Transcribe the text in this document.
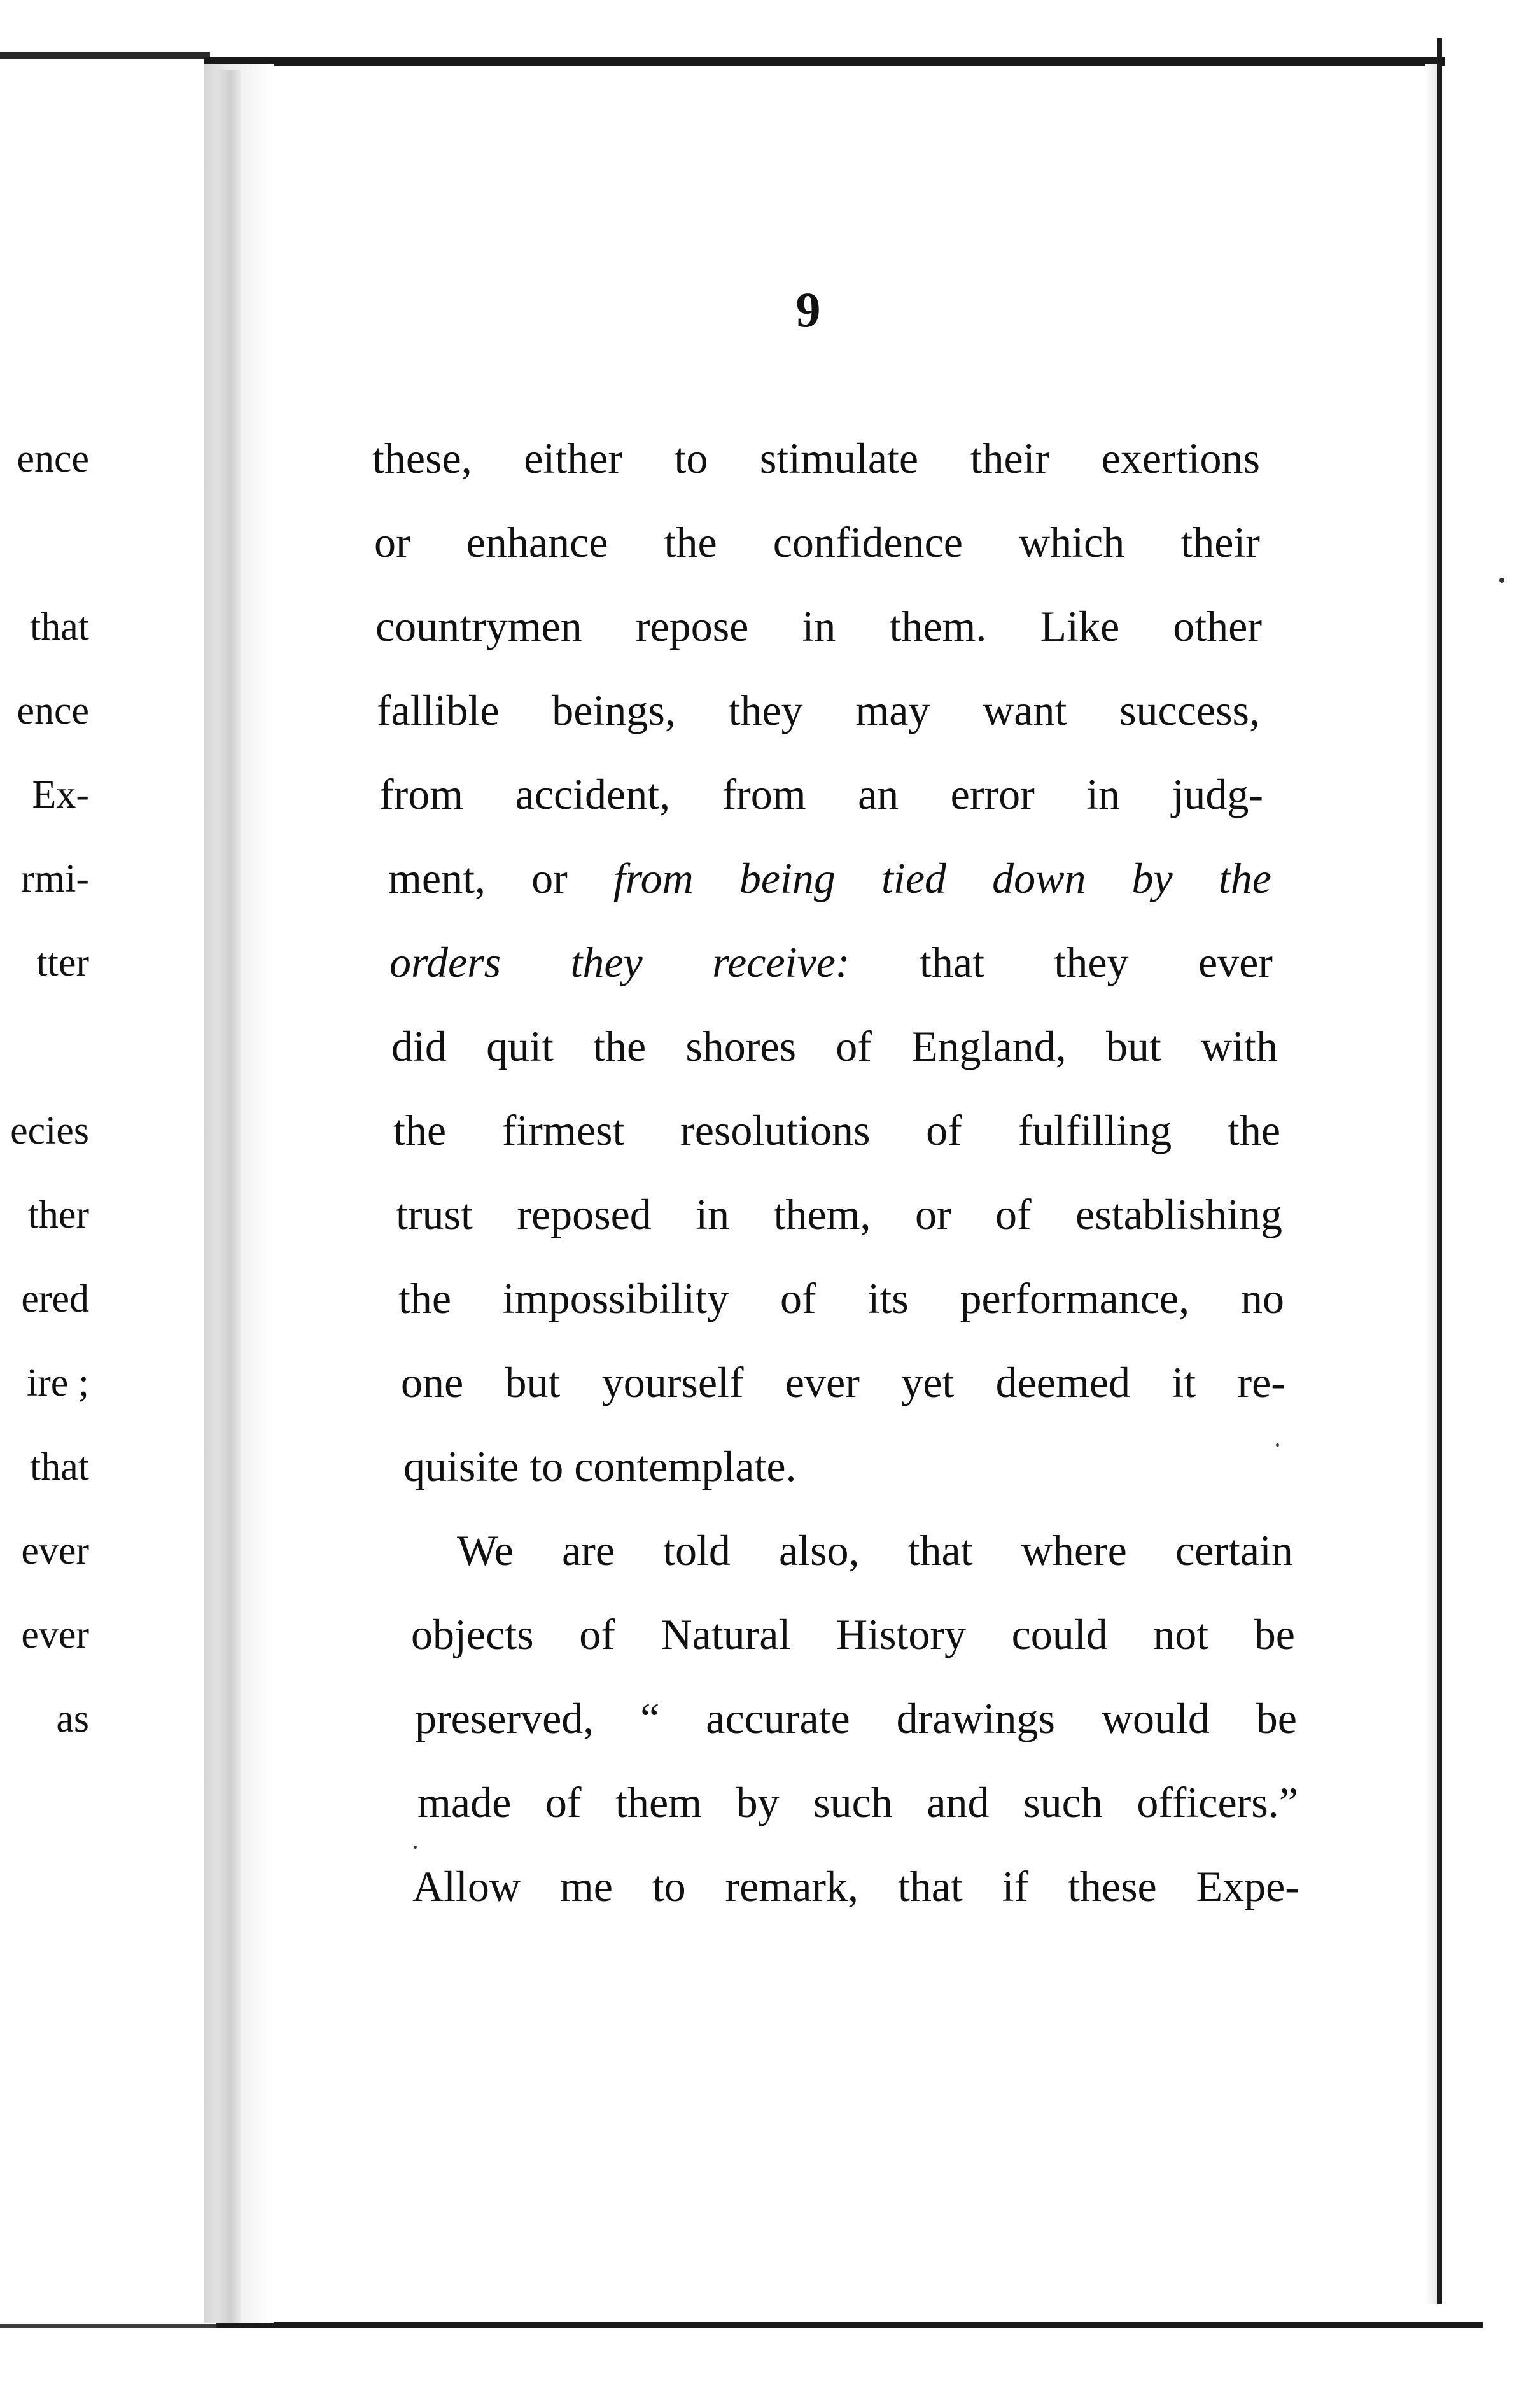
ence
that
ence
Ex-
rmi-
tter
ecies
ther
ered
ire ;
that
ever
ever
as
9
these, either to stimulate their exertions
or enhance the confidence which their
countrymen repose in them. Like other
fallible beings, they may want success,
from accident, from an error in judg-
ment, or from being tied down by the
orders they receive: that they ever
did quit the shores of England, but with
the firmest resolutions of fulfilling the
trust reposed in them, or of establishing
the impossibility of its performance, no
one but yourself ever yet deemed it re-
quisite to contemplate.
We are told also, that where certain
objects of Natural History could not be
preserved, “ accurate drawings would be
made of them by such and such officers.”
Allow me to remark, that if these Expe-
